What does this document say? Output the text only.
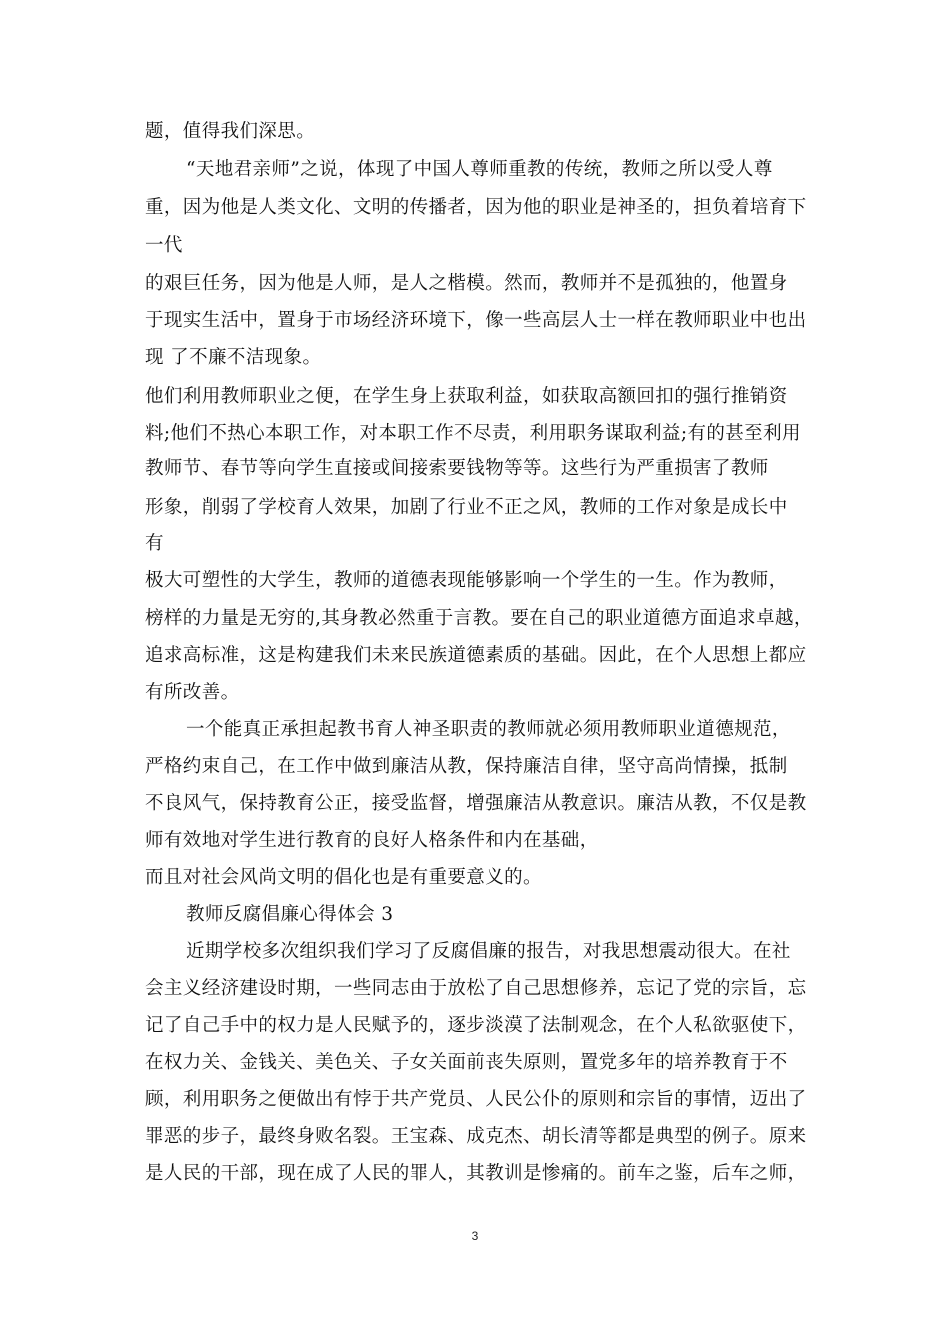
题，值得我们深思。
“天地君亲师”之说，体现了中国人尊师重教的传统，教师之所以受人尊
重，因为他是人类文化、文明的传播者，因为他的职业是神圣的，担负着培育下
一代
的艰巨任务，因为他是人师，是人之楷模。然而，教师并不是孤独的，他置身
于现实生活中，置身于市场经济环境下，像一些高层人士一样在教师职业中也出
现 了不廉不洁现象。
他们利用教师职业之便，在学生身上获取利益，如获取高额回扣的强行推销资
料;他们不热心本职工作，对本职工作不尽责，利用职务谋取利益;有的甚至利用
教师节、春节等向学生直接或间接索要钱物等等。这些行为严重损害了教师
形象，削弱了学校育人效果，加剧了行业不正之风，教师的工作对象是成长中
有
极大可塑性的大学生，教师的道德表现能够影响一个学生的一生。作为教师，
榜样的力量是无穷的,其身教必然重于言教。要在自己的职业道德方面追求卓越，
追求高标准，这是构建我们未来民族道德素质的基础。因此，在个人思想上都应
有所改善。
一个能真正承担起教书育人神圣职责的教师就必须用教师职业道德规范，
严格约束自己，在工作中做到廉洁从教，保持廉洁自律，坚守高尚情操，抵制
不良风气，保持教育公正，接受监督，增强廉洁从教意识。廉洁从教，不仅是教
师有效地对学生进行教育的良好人格条件和内在基础，
而且对社会风尚文明的倡化也是有重要意义的。
教师反腐倡廉心得体会 3
近期学校多次组织我们学习了反腐倡廉的报告，对我思想震动很大。在社
会主义经济建设时期，一些同志由于放松了自己思想修养，忘记了党的宗旨，忘
记了自己手中的权力是人民赋予的，逐步淡漠了法制观念，在个人私欲驱使下，
在权力关、金钱关、美色关、子女关面前丧失原则，置党多年的培养教育于不
顾，利用职务之便做出有悖于共产党员、人民公仆的原则和宗旨的事情，迈出了
罪恶的步子，最终身败名裂。王宝森、成克杰、胡长清等都是典型的例子。原来
是人民的干部，现在成了人民的罪人，其教训是惨痛的。前车之鉴，后车之师，
3
